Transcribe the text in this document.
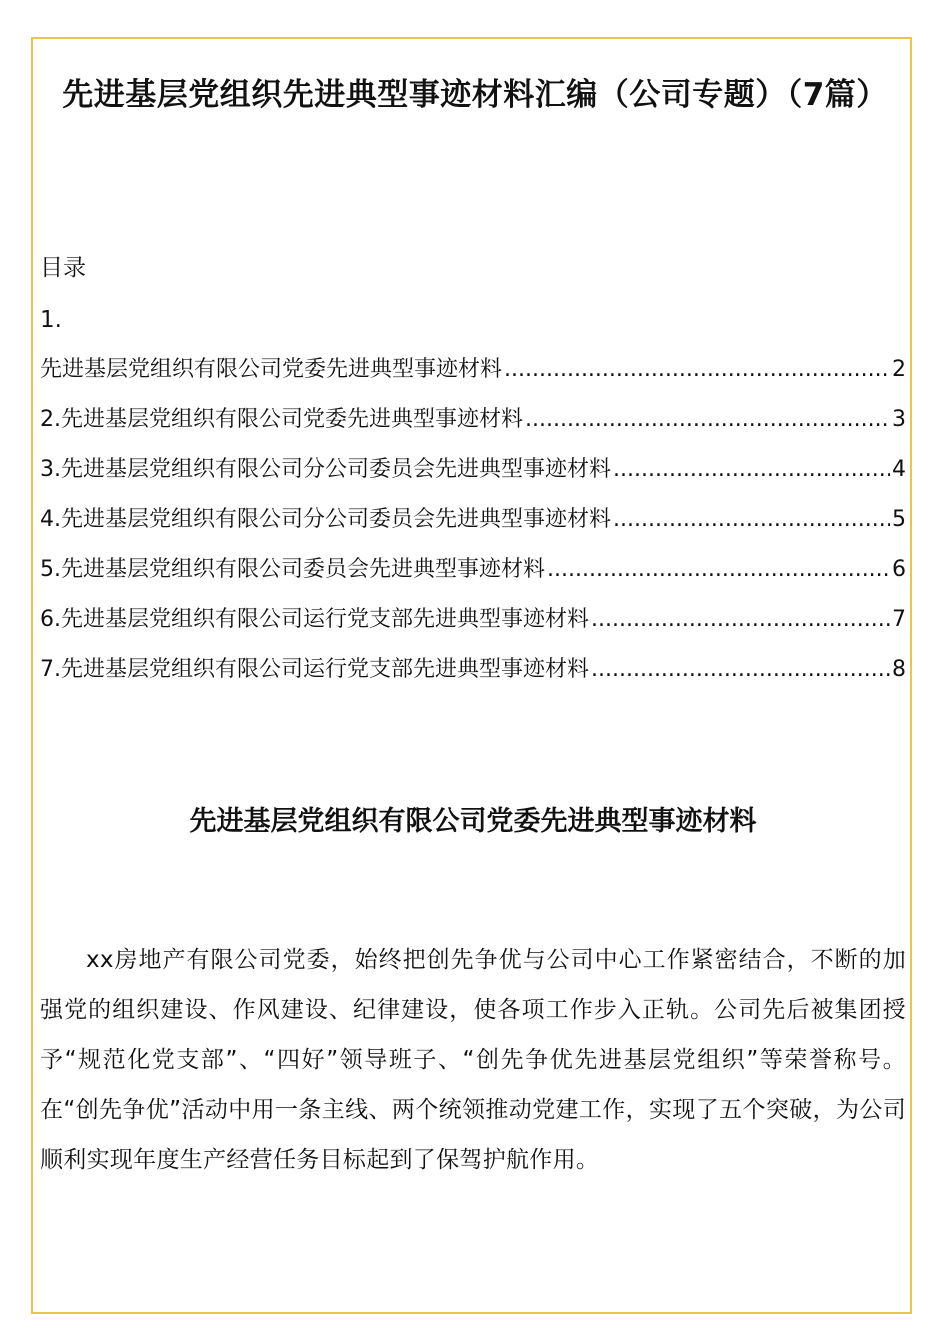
先进基层党组织先进典型事迹材料汇编（公司专题）（7篇）

目录

1.
先进基层党组织有限公司党委先进典型事迹材料 .....	2
2.先进基层党组织有限公司党委先进典型事迹材料 .....	3
3.先进基层党组织有限公司分公司委员会先进典型事迹材料 .....	4
4.先进基层党组织有限公司分公司委员会先进典型事迹材料 .....	5
5.先进基层党组织有限公司委员会先进典型事迹材料 .....	6
6.先进基层党组织有限公司运行党支部先进典型事迹材料 .....	7
7.先进基层党组织有限公司运行党支部先进典型事迹材料 .....	8
先进基层党组织有限公司党委先进典型事迹材料

xx房地产有限公司党委，始终把创先争优与公司中心工作紧密结合，不断的加强党的组织建设、作风建设、纪律建设，使各项工作步入正轨。公司先后被集团授予“规范化党支部”、“四好”领导班子、“创先争优先进基层党组织”等荣誉称号。在“创先争优”活动中用一条主线、两个统领推动党建工作，实现了五个突破，为公司顺利实现年度生产经营任务目标起到了保驾护航作用。
